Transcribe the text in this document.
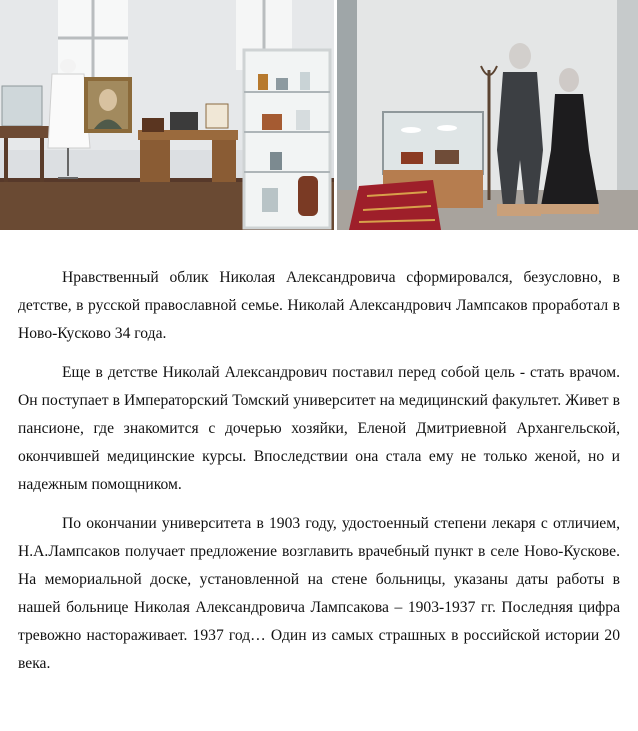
Нравственный облик Николая Александровича сформировался, безусловно, в детстве, в русской православной семье. Николай Александрович Лампсаков проработал в Ново-Кусково 34 года.

Еще в детстве Николай Александрович поставил перед собой цель - стать врачом. Он поступает в Императорский Томский университет на медицинский факультет. Живет в пансионе, где знакомится с дочерью хозяйки, Еленой Дмитриевной Архангельской, окончившей медицинские курсы. Впоследствии она стала ему не только женой, но и надежным помощником.

По окончании университета в 1903 году, удостоенный степени лекаря с отличием, Н.А.Лампсаков получает предложение возглавить врачебный пункт в селе Ново-Кускове. На мемориальной доске, установленной на стене больницы, указаны даты работы в нашей больнице Николая Александровича Лампсакова – 1903-1937 гг. Последняя цифра тревожно настораживает. 1937 год… Один из самых страшных в российской истории 20 века.
